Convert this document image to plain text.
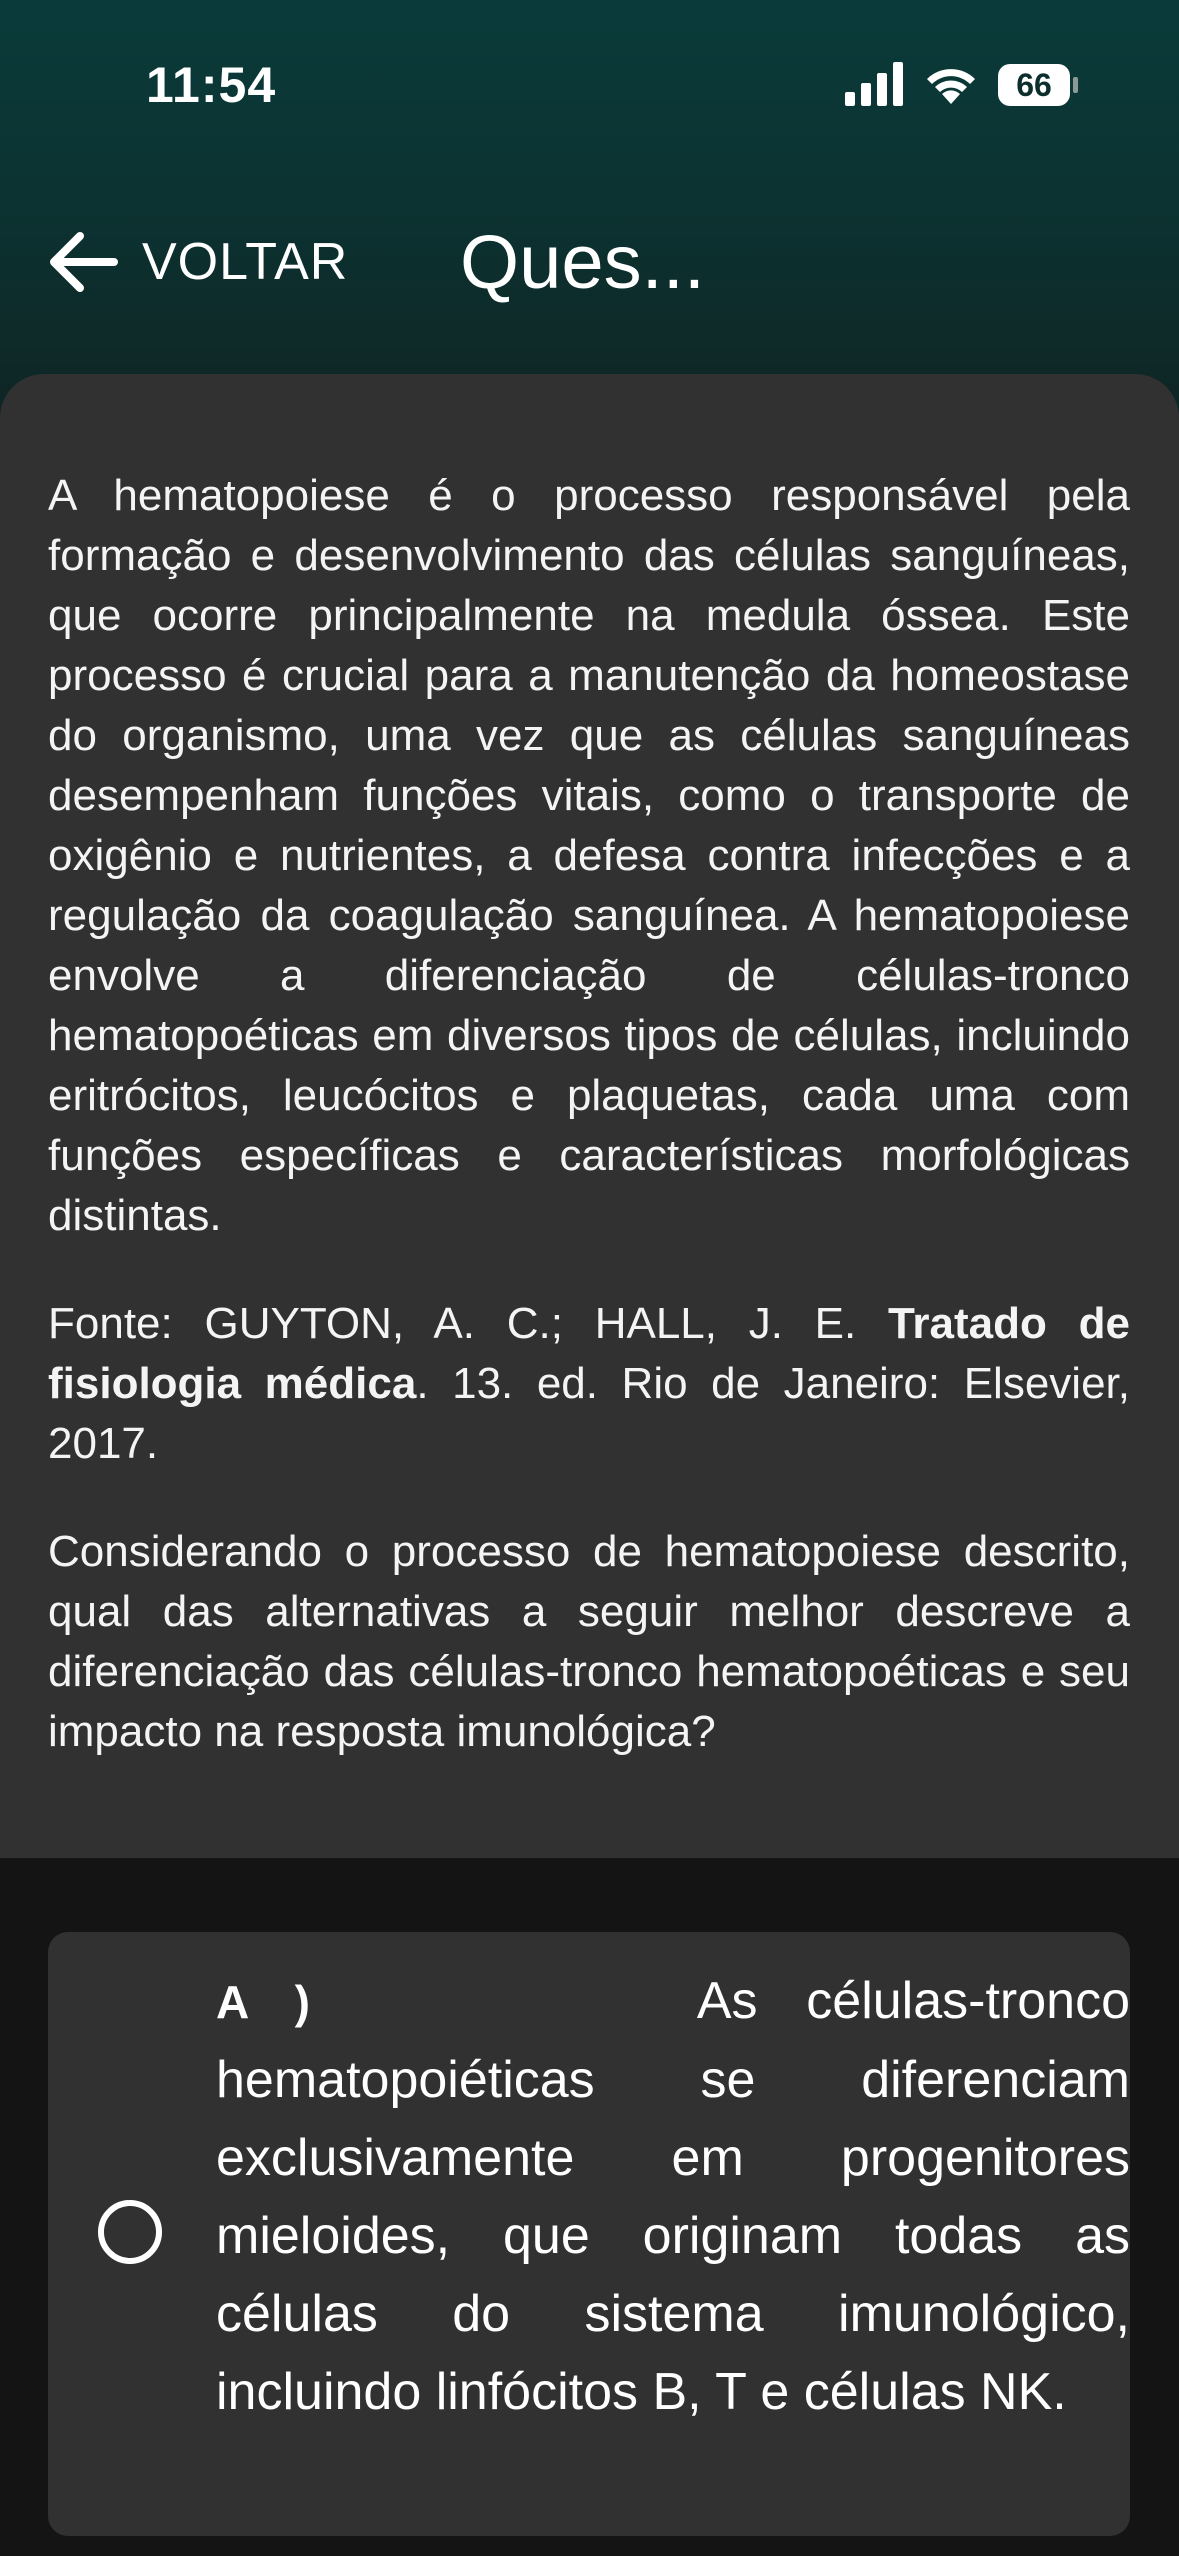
11:54	66
VOLTAR Ques...

A hematopoiese é o processo responsável pela formação e desenvolvimento das células sanguíneas, que ocorre principalmente na medula óssea. Este processo é crucial para a manutenção da homeostase do organismo, uma vez que as células sanguíneas desempenham funções vitais, como o transporte de oxigênio e nutrientes, a defesa contra infecções e a regulação da coagulação sanguínea. A hematopoiese envolve a diferenciação de células-tronco hematopoéticas em diversos tipos de células, incluindo eritrócitos, leucócitos e plaquetas, cada uma com funções específicas e características morfológicas distintas.

Fonte: GUYTON, A. C.; HALL, J. E. Tratado de fisiologia médica. 13. ed. Rio de Janeiro: Elsevier, 2017.

Considerando o processo de hematopoiese descrito, qual das alternativas a seguir melhor descreve a diferenciação das células-tronco hematopoéticas e seu impacto na resposta imunológica?

A )	As células-tronco hematopoiéticas se diferenciam exclusivamente em progenitores mieloides, que originam todas as células do sistema imunológico, incluindo linfócitos B, T e células NK.
